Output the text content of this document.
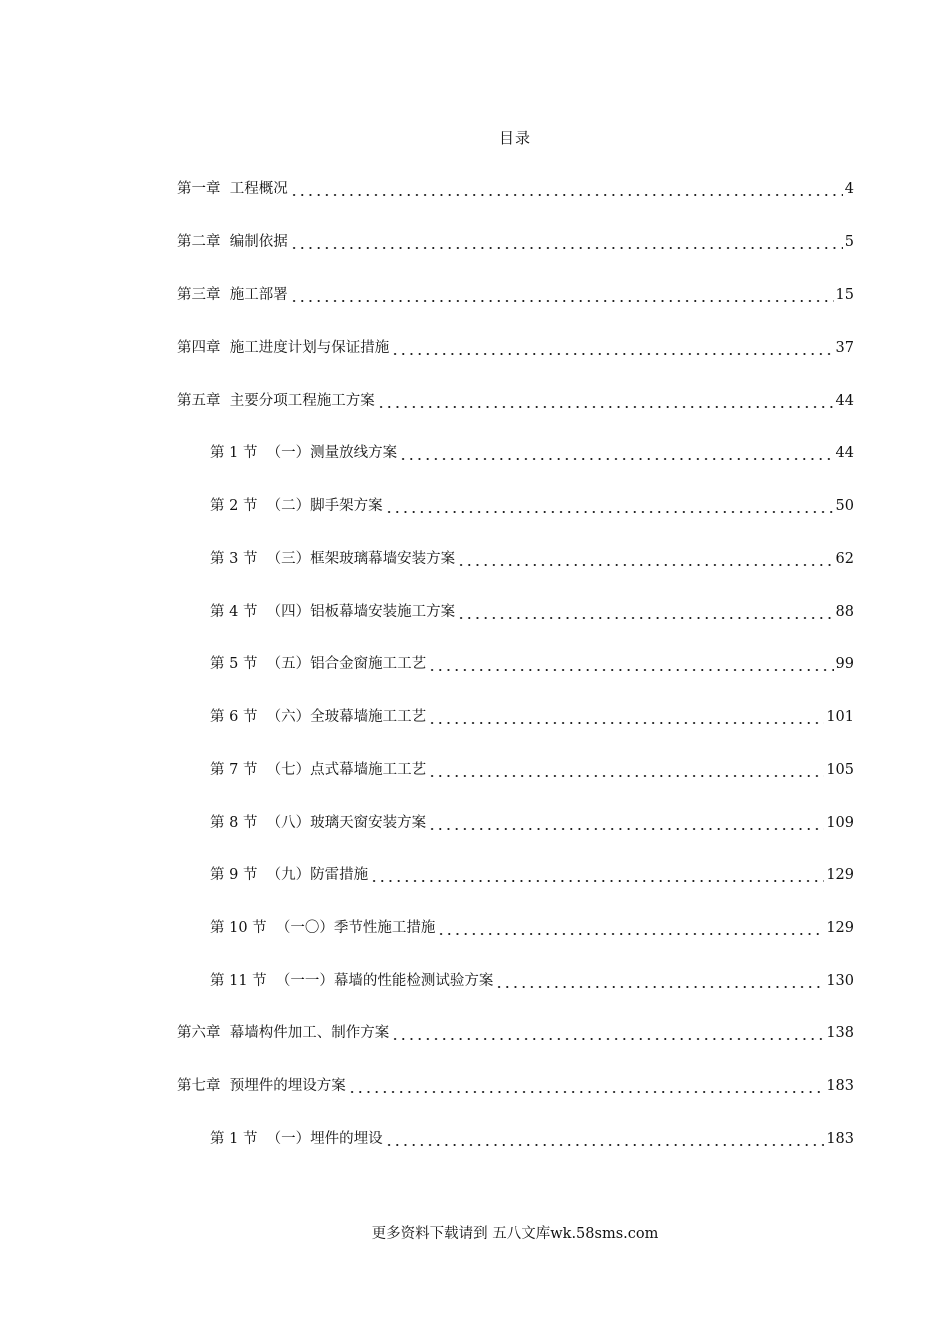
目录
第一章  工程概况	4
第二章  编制依据	5
第三章  施工部署	15
第四章  施工进度计划与保证措施	37
第五章  主要分项工程施工方案	44
第 1 节  （一）测量放线方案	44
第 2 节  （二）脚手架方案	50
第 3 节  （三）框架玻璃幕墙安装方案	62
第 4 节  （四）铝板幕墙安装施工方案	88
第 5 节  （五）铝合金窗施工工艺	99
第 6 节  （六）全玻幕墙施工工艺	101
第 7 节  （七）点式幕墙施工工艺	105
第 8 节  （八）玻璃天窗安装方案	109
第 9 节  （九）防雷措施	129
第 10 节  （一〇）季节性施工措施	129
第 11 节  （一一）幕墙的性能检测试验方案	130
第六章  幕墙构件加工、制作方案	138
第七章  预埋件的埋设方案	183
第 1 节  （一）埋件的埋设	183
更多资料下载请到 五八文库wk.58sms.com
